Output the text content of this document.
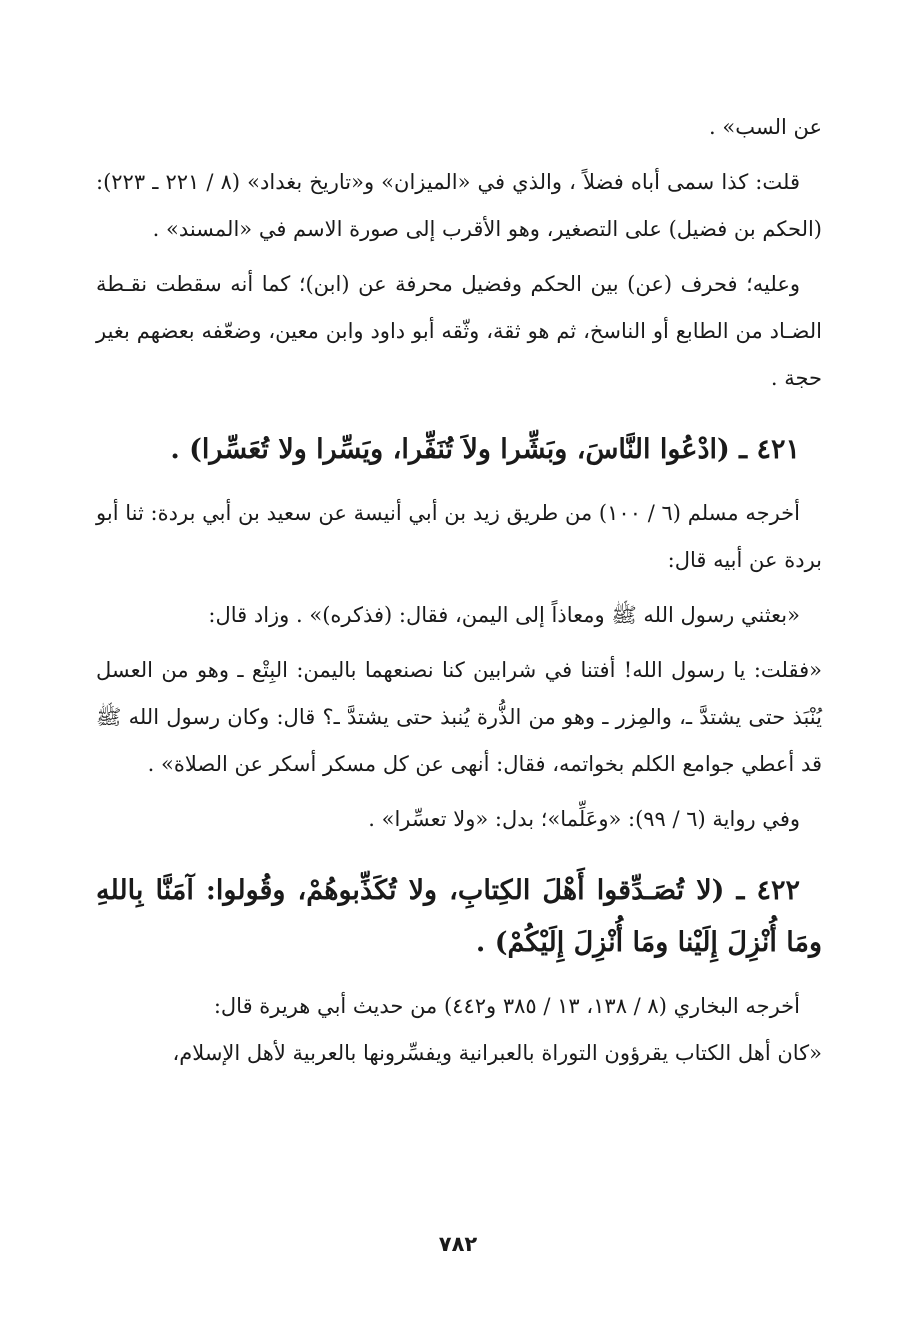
عن السب» .

قلت: كذا سمى أباه فضلاً ، والذي في «الميزان» و«تاريخ بغداد» (٨ / ٢٢١ ـ ٢٢٣): (الحكم بن فضيل) على التصغير، وهو الأقرب إلى صورة الاسم في «المسند» .

وعليه؛ فحرف (عن) بين الحكم وفضيل محرفة عن (ابن)؛ كما أنه سقطت نقـطة الضـاد من الطابع أو الناسخ، ثم هو ثقة، وثّقه أبو داود وابن معين، وضعّفه بعضهم بغير حجة .

٤٢١ ـ (ادْعُوا النَّاسَ، وبَشِّرا ولاَ تُنَفِّرا، ويَسِّرا ولا تُعَسِّرا) .

أخرجه مسلم (٦ / ١٠٠) من طريق زيد بن أبي أنيسة عن سعيد بن أبي بردة: ثنا أبو بردة عن أبيه قال:

«بعثني رسول الله ﷺ ومعاذاً إلى اليمن، فقال: (فذكره)» . وزاد قال:

«فقلت: يا رسول الله! أفتنا في شرابين كنا نصنعهما باليمن: البِتْع ـ وهو من العسل يُنْبَذ حتى يشتدَّ ـ، والمِزر ـ وهو من الذُّرة يُنبذ حتى يشتدَّ ـ؟ قال: وكان رسول الله ﷺ قد أعطي جوامع الكلم بخواتمه، فقال: أنهى عن كل مسكر أسكر عن الصلاة» .

وفي رواية (٦ / ٩٩): «وعَلِّما»؛ بدل: «ولا تعسِّرا» .

٤٢٢ ـ (لا تُصَـدِّقوا أَهْلَ الكِتابِ، ولا تُكَذِّبوهُمْ، وقُولوا: آمَنَّا بِاللهِ ومَا أُنْزِلَ إِلَيْنا ومَا أُنْزِلَ إِلَيْكُمْ) .

أخرجه البخاري (٨ / ١٣٨، ١٣ / ٣٨٥ و٤٤٢) من حديث أبي هريرة قال:

«كان أهل الكتاب يقرؤون التوراة بالعبرانية ويفسِّرونها بالعربية لأهل الإسلام،

٧٨٢
